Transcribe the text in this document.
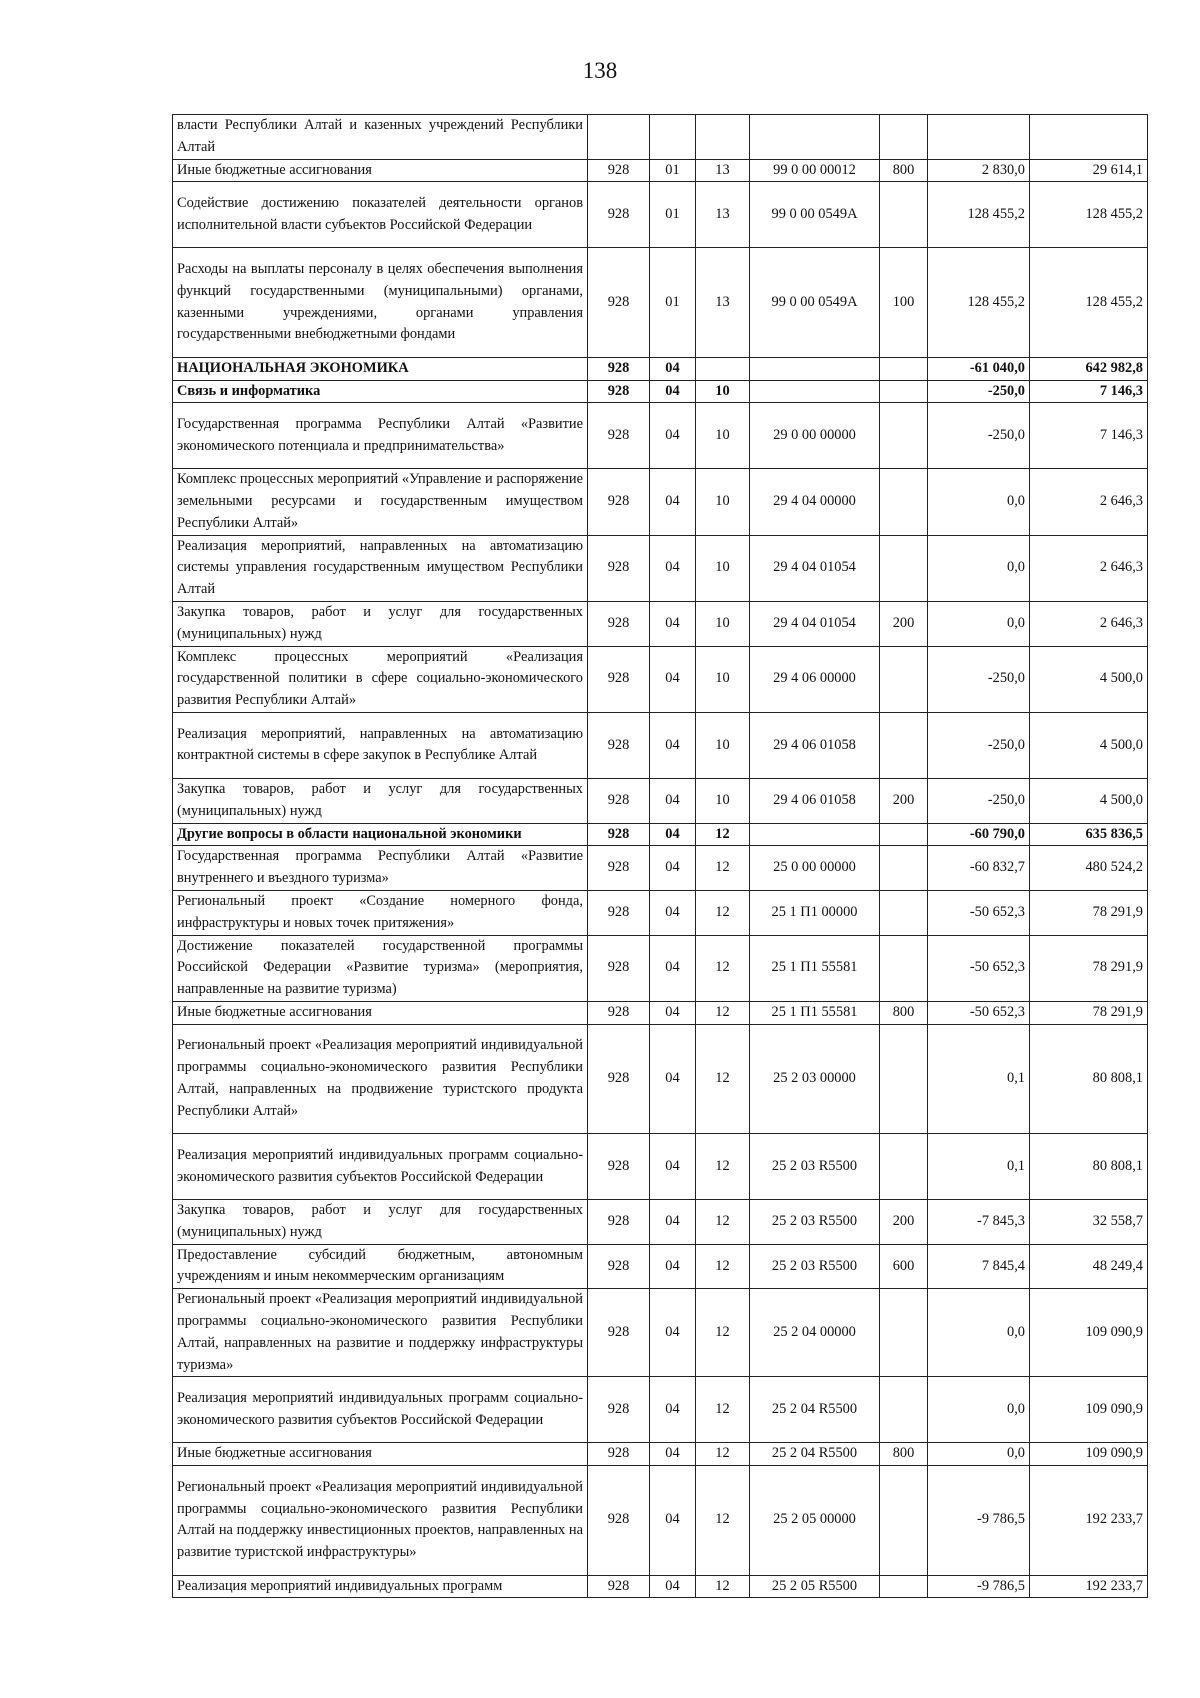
138
власти Республики Алтай и казенных учреждений Республики Алтай							
Иные бюджетные ассигнования	928	01	13	99 0 00 00012	800	2 830,0	29 614,1
Содействие достижению показателей деятельности органов исполнительной власти субъектов Российской Федерации	928	01	13	99 0 00 0549А		128 455,2	128 455,2
Расходы на выплаты персоналу в целях обеспечения выполнения функций государственными (муниципальными) органами, казенными учреждениями, органами управления государственными внебюджетными фондами	928	01	13	99 0 00 0549А	100	128 455,2	128 455,2
НАЦИОНАЛЬНАЯ ЭКОНОМИКА	928	04				-61 040,0	642 982,8
Связь и информатика	928	04	10			-250,0	7 146,3
Государственная программа Республики Алтай «Развитие экономического потенциала и предпринимательства»	928	04	10	29 0 00 00000		-250,0	7 146,3
Комплекс процессных мероприятий «Управление и распоряжение земельными ресурсами и государственным имуществом Республики Алтай»	928	04	10	29 4 04 00000		0,0	2 646,3
Реализация мероприятий, направленных на автоматизацию системы управления государственным имуществом Республики Алтай	928	04	10	29 4 04 01054		0,0	2 646,3
Закупка товаров, работ и услуг для государственных (муниципальных) нужд	928	04	10	29 4 04 01054	200	0,0	2 646,3
Комплекс процессных мероприятий «Реализация государственной политики в сфере социально-экономического развития Республики Алтай»	928	04	10	29 4 06 00000		-250,0	4 500,0
Реализация мероприятий, направленных на автоматизацию контрактной системы в сфере закупок в Республике Алтай	928	04	10	29 4 06 01058		-250,0	4 500,0
Закупка товаров, работ и услуг для государственных (муниципальных) нужд	928	04	10	29 4 06 01058	200	-250,0	4 500,0
Другие вопросы в области национальной экономики	928	04	12			-60 790,0	635 836,5
Государственная программа Республики Алтай «Развитие внутреннего и въездного туризма»	928	04	12	25 0 00 00000		-60 832,7	480 524,2
Региональный проект «Создание номерного фонда, инфраструктуры и новых точек притяжения»	928	04	12	25 1 П1 00000		-50 652,3	78 291,9
Достижение показателей государственной программы Российской Федерации «Развитие туризма» (мероприятия, направленные на развитие туризма)	928	04	12	25 1 П1 55581		-50 652,3	78 291,9
Иные бюджетные ассигнования	928	04	12	25 1 П1 55581	800	-50 652,3	78 291,9
Региональный проект «Реализация мероприятий индивидуальной программы социально-экономического развития Республики Алтай, направленных на продвижение туристского продукта Республики Алтай»	928	04	12	25 2 03 00000		0,1	80 808,1
Реализация мероприятий индивидуальных программ социально-экономического развития субъектов Российской Федерации	928	04	12	25 2 03 R5500		0,1	80 808,1
Закупка товаров, работ и услуг для государственных (муниципальных) нужд	928	04	12	25 2 03 R5500	200	-7 845,3	32 558,7
Предоставление субсидий бюджетным, автономным учреждениям и иным некоммерческим организациям	928	04	12	25 2 03 R5500	600	7 845,4	48 249,4
Региональный проект «Реализация мероприятий индивидуальной программы социально-экономического развития Республики Алтай, направленных на развитие и поддержку инфраструктуры туризма»	928	04	12	25 2 04 00000		0,0	109 090,9
Реализация мероприятий индивидуальных программ социально-экономического развития субъектов Российской Федерации	928	04	12	25 2 04 R5500		0,0	109 090,9
Иные бюджетные ассигнования	928	04	12	25 2 04 R5500	800	0,0	109 090,9
Региональный проект «Реализация мероприятий индивидуальной программы социально-экономического развития Республики Алтай на поддержку инвестиционных проектов, направленных на развитие туристской инфраструктуры»	928	04	12	25 2 05 00000		-9 786,5	192 233,7
Реализация мероприятий индивидуальных программ	928	04	12	25 2 05 R5500		-9 786,5	192 233,7
